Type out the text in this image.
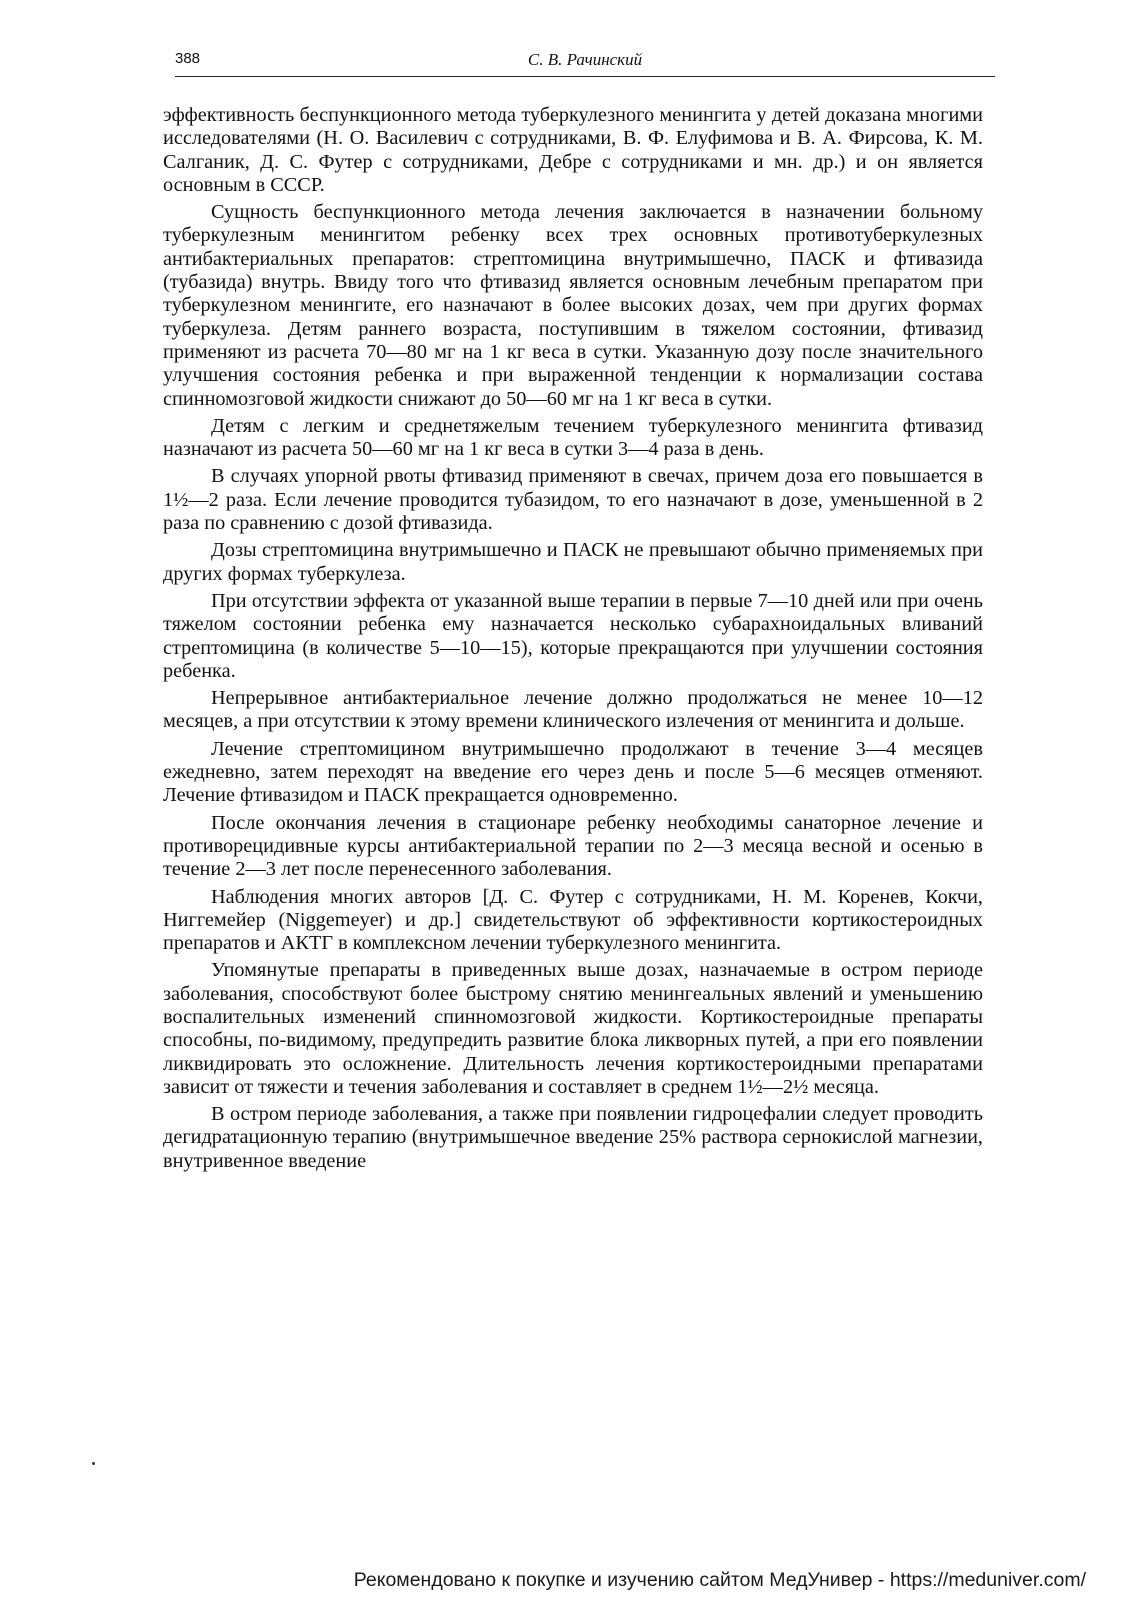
388	С. В. Рачинский

эффективность беспункционного метода туберкулезного менингита у детей доказана многими исследователями (Н. О. Василевич с сотрудниками, В. Ф. Елуфимова и В. А. Фирсова, К. М. Салганик, Д. С. Футер с сотрудниками, Дебре с сотрудниками и мн. др.) и он является основным в СССР.

Сущность беспункционного метода лечения заключается в назначении больному туберкулезным менингитом ребенку всех трех основных противотуберкулезных антибактериальных препаратов: стрептомицина внутримышечно, ПАСК и фтивазида (тубазида) внутрь. Ввиду того что фтивазид является основным лечебным препаратом при туберкулезном менингите, его назначают в более высоких дозах, чем при других формах туберкулеза. Детям раннего возраста, поступившим в тяжелом состоянии, фтивазид применяют из расчета 70—80 мг на 1 кг веса в сутки. Указанную дозу после значительного улучшения состояния ребенка и при выраженной тенденции к нормализации состава спинномозговой жидкости снижают до 50—60 мг на 1 кг веса в сутки.

Детям с легким и среднетяжелым течением туберкулезного менингита фтивазид назначают из расчета 50—60 мг на 1 кг веса в сутки 3—4 раза в день.

В случаях упорной рвоты фтивазид применяют в свечах, причем доза его повышается в 1½—2 раза. Если лечение проводится тубазидом, то его назначают в дозе, уменьшенной в 2 раза по сравнению с дозой фтивазида.

Дозы стрептомицина внутримышечно и ПАСК не превышают обычно применяемых при других формах туберкулеза.

При отсутствии эффекта от указанной выше терапии в первые 7—10 дней или при очень тяжелом состоянии ребенка ему назначается несколько субарахноидальных вливаний стрептомицина (в количестве 5—10—15), которые прекращаются при улучшении состояния ребенка.

Непрерывное антибактериальное лечение должно продолжаться не менее 10—12 месяцев, а при отсутствии к этому времени клинического излечения от менингита и дольше.

Лечение стрептомицином внутримышечно продолжают в течение 3—4 месяцев ежедневно, затем переходят на введение его через день и после 5—6 месяцев отменяют. Лечение фтивазидом и ПАСК прекращается одновременно.

После окончания лечения в стационаре ребенку необходимы санаторное лечение и противорецидивные курсы антибактериальной терапии по 2—3 месяца весной и осенью в течение 2—3 лет после перенесенного заболевания.

Наблюдения многих авторов [Д. С. Футер с сотрудниками, Н. М. Коренев, Кокчи, Ниггемейер (Niggemeyer) и др.] свидетельствуют об эффективности кортикостероидных препаратов и АКТГ в комплексном лечении туберкулезного менингита.

Упомянутые препараты в приведенных выше дозах, назначаемые в остром периоде заболевания, способствуют более быстрому снятию менингеальных явлений и уменьшению воспалительных изменений спинномозговой жидкости. Кортикостероидные препараты способны, по-видимому, предупредить развитие блока ликворных путей, а при его появлении ликвидировать это осложнение. Длительность лечения кортикостероидными препаратами зависит от тяжести и течения заболевания и составляет в среднем 1½—2½ месяца.

В остром периоде заболевания, а также при появлении гидроцефалии следует проводить дегидратационную терапию (внутримышечное введение 25% раствора сернокислой магнезии, внутривенное введение

Рекомендовано к покупке и изучению сайтом МедУнивер - https://meduniver.com/
